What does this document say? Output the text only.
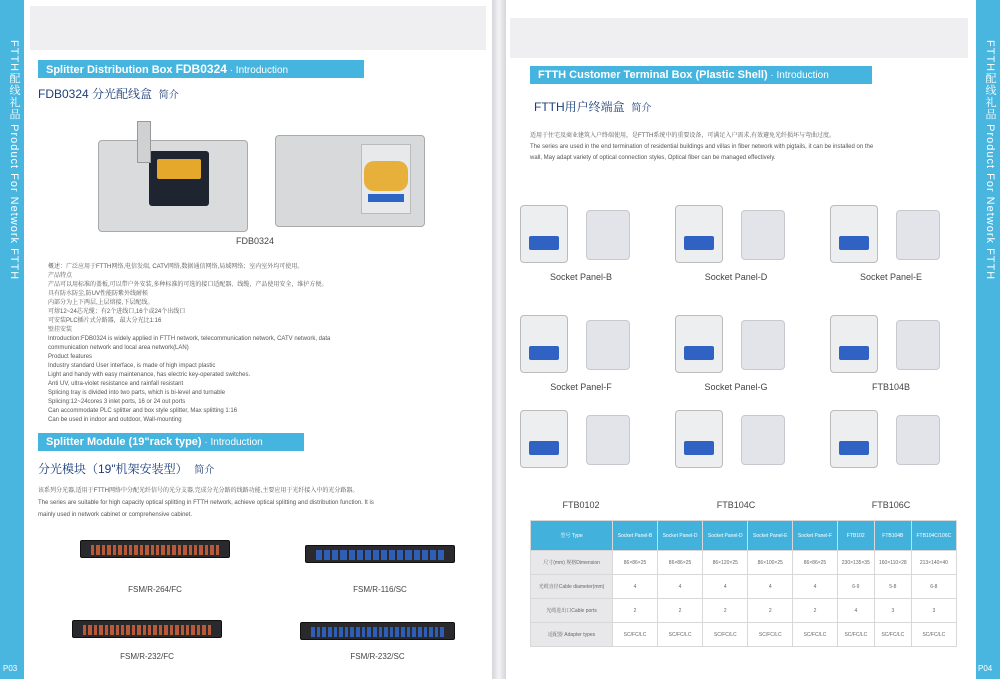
FTTH配线礼品 Product For Network FTTH
P03
Splitter Distribution Box FDB0324 · Introduction
FDB0324 分光配线盒 简介
FDB0324
概述：广泛应用于FTTH网络,电信发端, CATV网络,数据通信网络,局域网络；室内室外均可使用。
产品特点
产品可以用标准的盖板,可以带户外安装,多种标准的可选的接口适配器、线缆，产品使用安全，维护方便。
具有防水防尘,防UV性能防紫外线耐候
内部分为上下两层,上层熔接,下层配线。
可熔12~24芯光缆；有2个进线口,16个或24个出线口
可安装PLC插片式分路器，最大分光比1:16
壁挂安装
Introduction:FDB0324 is widely applied in FTTH network, telecommunication network, CATV network, data
communication network and local area network(LAN)
Product features
Industry standard User interface, is made of high impact plastic
Light and handy with easy maintenance, has electric key-operated switches.
Anti UV, ultra-violet resistance and rainfall resistant
Splicing tray is divided into two parts, which is bi-level and turnable
Splicing:12~24cores 3 inlet ports, 16 or 24 out ports
Can accommodate PLC splitter and box style splitter, Max splitting 1:16
Can be used in indoor and outdoor, Wall-mounting
Splitter Module (19"rack type) · Introduction
分光模块（19"机架安装型） 简介
该系列分光器,适用于FTTH网络中分配光纤信号的光分支器,完成分光分路的线路功能,主要应用于光纤接入中的光分路器。
The series are suitable for high capacity optical splitting in FTTH network, achieve optical splitting and distribution function. It is
mainly used in network cabinet or comprehensive cabinet.
FSM/R-264/FC	FSM/R-116/SC
FSM/R-232/FC	FSM/R-232/SC
FTTH配线礼品 Product For Network FTTH
P04
FTTH Customer Terminal Box (Plastic Shell) · Introduction
FTTH用户终端盒 简介
适用于住宅及商业建筑入户终端使用，是FTTH系统中的重要设备，可满足入户需求,有效避免光纤损坏与弯曲过度。
The series are used in the end termination of residential buildings and villas in fiber network with pigtails, it can be installed on the
wall, May adapt variety of optical connection styles, Optical fiber can be managed effectively.
Socket Panel-B	Socket Panel-D	Socket Panel-E
Socket Panel-F	Socket Panel-G	FTB104B
FTB0102	FTB104C	FTB106C
型号 Type	Socket Panel-B	Socket Panel-D	Socket Panel-D	Socket Panel-E	Socket Panel-F	FTB102	FTB104B	FTB104C/106C
尺寸(mm) 规格Dimension	86×86×25	86×86×25	86×120×25	86×100×25	86×86×25	230×135×35	160×110×28	213×140×40
光缆直径Cable diameter(mm)	4	4	4	4	4	6-9	5-8	6-8
光缆进出口Cable ports	2	2	2	2	2	4	3	3
适配器 Adapter types	SC/FC/LC	SC/FC/LC	SC/FC/LC	SC/FC/LC	SC/FC/LC	SC/FC/LC	SC/FC/LC	SC/FC/LC
